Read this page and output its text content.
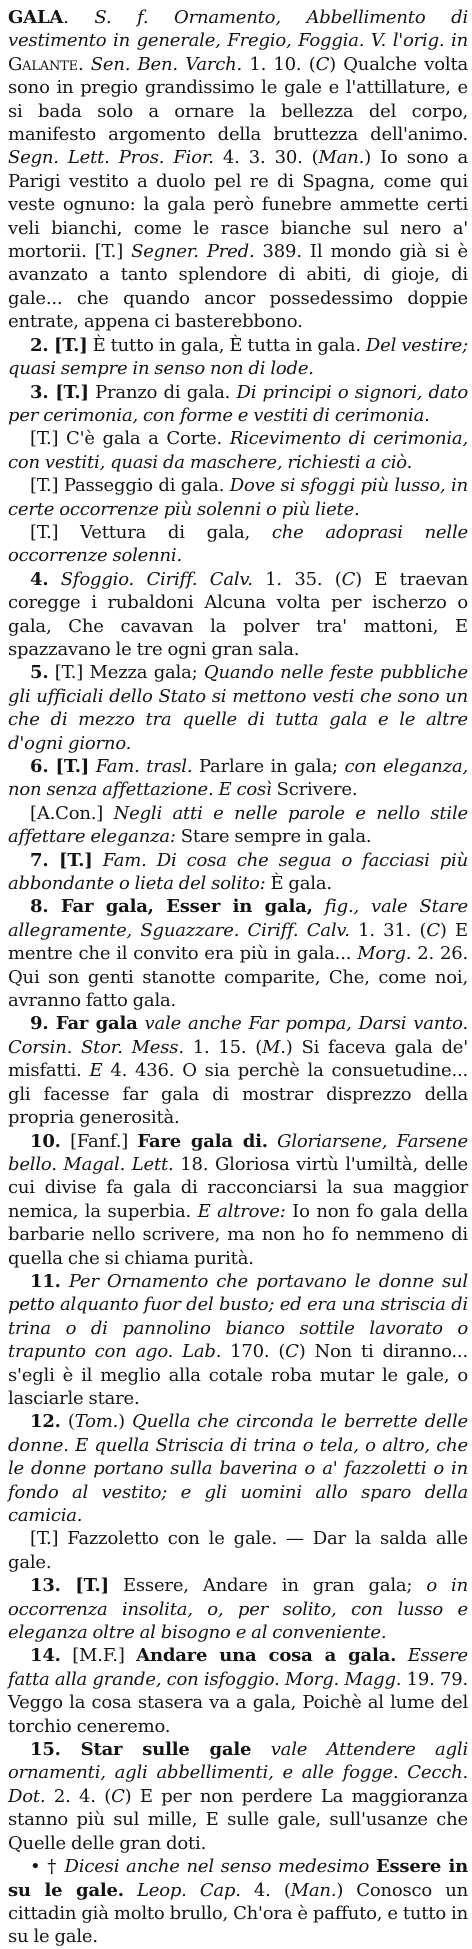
GALA. S. f. Ornamento, Abbellimento di vestimento in generale, Fregio, Foggia. V. l'orig. in Galante. Sen. Ben. Varch. 1. 10. (C) Qualche volta sono in pregio grandissimo le gale e l'attillature, e si bada solo a ornare la bellezza del corpo, manifesto argomento della bruttezza dell'animo. Segn. Lett. Pros. Fior. 4. 3. 30. (Man.) Io sono a Parigi vestito a duolo pel re di Spagna, come qui veste ognuno: la gala però funebre ammette certi veli bianchi, come le rasce bianche sul nero a' mortorii. [T.] Segner. Pred. 389. Il mondo già si è avanzato a tanto splendore di abiti, di gioje, di gale... che quando ancor possedessimo doppie entrate, appena ci basterebbono.

2. [T.] È tutto in gala, È tutta in gala. Del vestire; quasi sempre in senso non di lode.

3. [T.] Pranzo di gala. Di principi o signori, dato per cerimonia, con forme e vestiti di cerimonia.

[T.] C'è gala a Corte. Ricevimento di cerimonia, con vestiti, quasi da maschere, richiesti a ciò.

[T.] Passeggio di gala. Dove si sfoggi più lusso, in certe occorrenze più solenni o più liete.

[T.] Vettura di gala, che adoprasi nelle occorrenze solenni.

4. Sfoggio. Ciriff. Calv. 1. 35. (C) E traevan coregge i rubaldoni Alcuna volta per ischerzo o gala, Che cavavan la polver tra' mattoni, E spazzavano le tre ogni gran sala.

5. [T.] Mezza gala; Quando nelle feste pubbliche gli ufficiali dello Stato si mettono vesti che sono un che di mezzo tra quelle di tutta gala e le altre d'ogni giorno.

6. [T.] Fam. trasl. Parlare in gala; con eleganza, non senza affettazione. E così Scrivere.

[A.Con.] Negli atti e nelle parole e nello stile affettare eleganza: Stare sempre in gala.

7. [T.] Fam. Di cosa che segua o facciasi più abbondante o lieta del solito: È gala.

8. Far gala, Esser in gala, fig., vale Stare allegramente, Sguazzare. Ciriff. Calv. 1. 31. (C) E mentre che il convito era più in gala... Morg. 2. 26. Qui son genti stanotte comparite, Che, come noi, avranno fatto gala.

9. Far gala vale anche Far pompa, Darsi vanto. Corsin. Stor. Mess. 1. 15. (M.) Si faceva gala de' misfatti. E 4. 436. O sia perchè la consuetudine... gli facesse far gala di mostrar disprezzo della propria generosità.

10. [Fanf.] Fare gala di. Gloriarsene, Farsene bello. Magal. Lett. 18. Gloriosa virtù l'umiltà, delle cui divise fa gala di racconciarsi la sua maggior nemica, la superbia. E altrove: Io non fo gala della barbarie nello scrivere, ma non ho fo nemmeno di quella che si chiama purità.

11. Per Ornamento che portavano le donne sul petto alquanto fuor del busto; ed era una striscia di trina o di pannolino bianco sottile lavorato o trapunto con ago. Lab. 170. (C) Non ti diranno... s'egli è il meglio alla cotale roba mutar le gale, o lasciarle stare.

12. (Tom.) Quella che circonda le berrette delle donne. E quella Striscia di trina o tela, o altro, che le donne portano sulla baverina o a' fazzoletti o in fondo al vestito; e gli uomini allo sparo della camicia.

[T.] Fazzoletto con le gale. — Dar la salda alle gale.

13. [T.] Essere, Andare in gran gala; o in occorrenza insolita, o, per solito, con lusso e eleganza oltre al bisogno e al conveniente.

14. [M.F.] Andare una cosa a gala. Essere fatta alla grande, con isfoggio. Morg. Magg. 19. 79. Veggo la cosa stasera va a gala, Poichè al lume del torchio ceneremo.

15. Star sulle gale vale Attendere agli ornamenti, agli abbellimenti, e alle fogge. Cecch. Dot. 2. 4. (C) E per non perdere La maggioranza stanno più sul mille, E sulle gale, sull'usanze che Quelle delle gran doti.

• † Dicesi anche nel senso medesimo Essere in su le gale. Leop. Cap. 4. (Man.) Conosco un cittadin già molto brullo, Ch'ora è paffuto, e tutto in su le gale.
